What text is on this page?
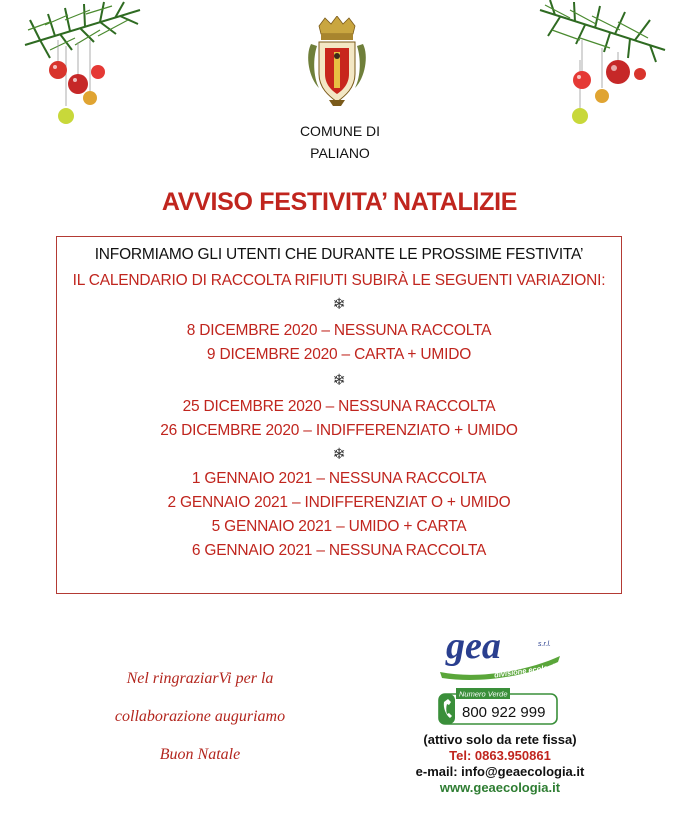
COMUNE DI
PALIANO
AVVISO FESTIVITA’ NATALIZIE
INFORMIAMO GLI UTENTI CHE DURANTE LE PROSSIME FESTIVITA’
IL CALENDARIO DI RACCOLTA RIFIUTI SUBIRÀ LE SEGUENTI VARIAZIONI:
❄
8 DICEMBRE 2020 – NESSUNA RACCOLTA
9 DICEMBRE 2020 – CARTA + UMIDO
❄
25 DICEMBRE 2020 – NESSUNA RACCOLTA
26 DICEMBRE 2020 – INDIFFERENZIATO + UMIDO
❄
1 GENNAIO 2021 – NESSUNA RACCOLTA
2 GENNAIO 2021 – INDIFFERENZIAT O + UMIDO
5 GENNAIO 2021 – UMIDO + CARTA
6 GENNAIO 2021 – NESSUNA RACCOLTA
Nel ringraziarVi per la
collaborazione auguriamo
Buon Natale
gea	s.r.l.
divisione ecologia
Numero Verde
800 922 999
(attivo solo da rete fissa)
Tel: 0863.950861
e-mail: info@geaecologia.it
www.geaecologia.it
